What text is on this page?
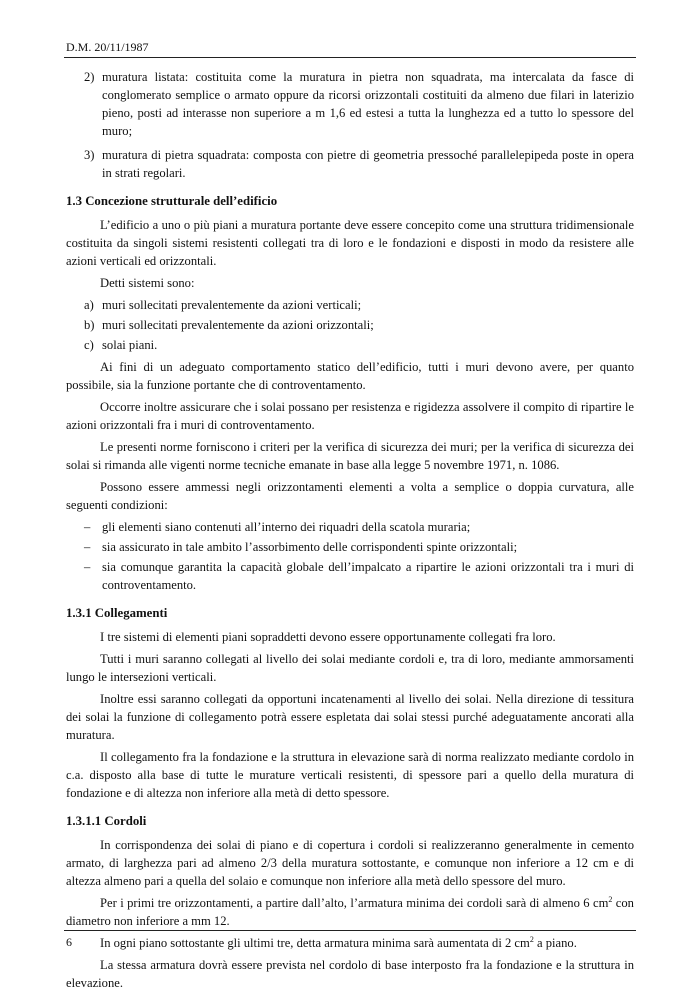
D.M. 20/11/1987
2) muratura listata: costituita come la muratura in pietra non squadrata, ma intercalata da fasce di conglomerato semplice o armato oppure da ricorsi orizzontali costituiti da almeno due filari in laterizio pieno, posti ad interasse non superiore a m 1,6 ed estesi a tutta la lunghezza ed a tutto lo spessore del muro;
3) muratura di pietra squadrata: composta con pietre di geometria pressoché parallelepipeda poste in opera in strati regolari.
1.3 Concezione strutturale dell’edificio

L’edificio a uno o più piani a muratura portante deve essere concepito come una struttura tridimensionale costituita da singoli sistemi resistenti collegati tra di loro e le fondazioni e disposti in modo da resistere alle azioni verticali ed orizzontali.

Detti sistemi sono:

a) muri sollecitati prevalentemente da azioni verticali;
b) muri sollecitati prevalentemente da azioni orizzontali;
c) solai piani.

Ai fini di un adeguato comportamento statico dell’edificio, tutti i muri devono avere, per quanto possibile, sia la funzione portante che di controventamento.

Occorre inoltre assicurare che i solai possano per resistenza e rigidezza assolvere il compito di ripartire le azioni orizzontali fra i muri di controventamento.

Le presenti norme forniscono i criteri per la verifica di sicurezza dei muri; per la verifica di sicurezza dei solai si rimanda alle vigenti norme tecniche emanate in base alla legge 5 novembre 1971, n. 1086.

Possono essere ammessi negli orizzontamenti elementi a volta a semplice o doppia curvatura, alle seguenti condizioni:

– gli elementi siano contenuti all’interno dei riquadri della scatola muraria;
– sia assicurato in tale ambito l’assorbimento delle corrispondenti spinte orizzontali;
– sia comunque garantita la capacità globale dell’impalcato a ripartire le azioni orizzontali tra i muri di controventamento.
1.3.1 Collegamenti

I tre sistemi di elementi piani sopraddetti devono essere opportunamente collegati fra loro.

Tutti i muri saranno collegati al livello dei solai mediante cordoli e, tra di loro, mediante ammorsamenti lungo le intersezioni verticali.

Inoltre essi saranno collegati da opportuni incatenamenti al livello dei solai. Nella direzione di tessitura dei solai la funzione di collegamento potrà essere espletata dai solai stessi purché adeguatamente ancorati alla muratura.

Il collegamento fra la fondazione e la struttura in elevazione sarà di norma realizzato mediante cordolo in c.a. disposto alla base di tutte le murature verticali resistenti, di spessore pari a quello della muratura di fondazione e di altezza non inferiore alla metà di detto spessore.

1.3.1.1 Cordoli

In corrispondenza dei solai di piano e di copertura i cordoli si realizzeranno generalmente in cemento armato, di larghezza pari ad almeno 2/3 della muratura sottostante, e comunque non inferiore a 12 cm e di altezza almeno pari a quella del solaio e comunque non inferiore alla metà dello spessore del muro.

Per i primi tre orizzontamenti, a partire dall’alto, l’armatura minima dei cordoli sarà di almeno 6 $cm^2$ con diametro non inferiore a mm 12.

In ogni piano sottostante gli ultimi tre, detta armatura minima sarà aumentata di 2 $cm^2$ a piano.

La stessa armatura dovrà essere prevista nel cordolo di base interposto fra la fondazione e la struttura in elevazione.

6
